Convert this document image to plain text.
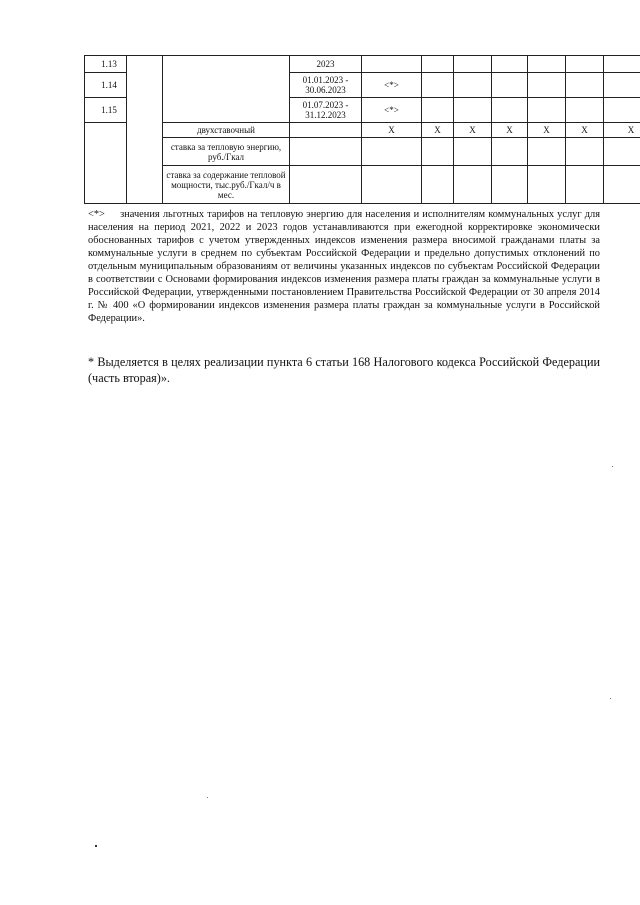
1.13			2023							
1.14			01.01.2023 - 30.06.2023	<*>						
1.15			01.07.2023 - 31.12.2023	<*>						
		двухставочный		X	X	X	X	X	X	X
		ставка за тепловую энергию, руб./Гкал								
		ставка за содержание тепловой мощности, тыс.руб./Гкал/ч в мес.								

<*> значения льготных тарифов на тепловую энергию для населения и исполнителям коммунальных услуг для населения на период 2021, 2022 и 2023 годов устанавливаются при ежегодной корректировке экономически обоснованных тарифов с учетом утвержденных индексов изменения размера вносимой гражданами платы за коммунальные услуги в среднем по субъектам Российской Федерации и предельно допустимых отклонений по отдельным муниципальным образованиям от величины указанных индексов по субъектам Российской Федерации в соответствии с Основами формирования индексов изменения размера платы граждан за коммунальные услуги в Российской Федерации, утвержденными постановлением Правительства Российской Федерации от 30 апреля 2014 г. № 400 «О формировании индексов изменения размера платы граждан за коммунальные услуги в Российской Федерации».

* Выделяется в целях реализации пункта 6 статьи 168 Налогового кодекса Российской Федерации (часть вторая)».
